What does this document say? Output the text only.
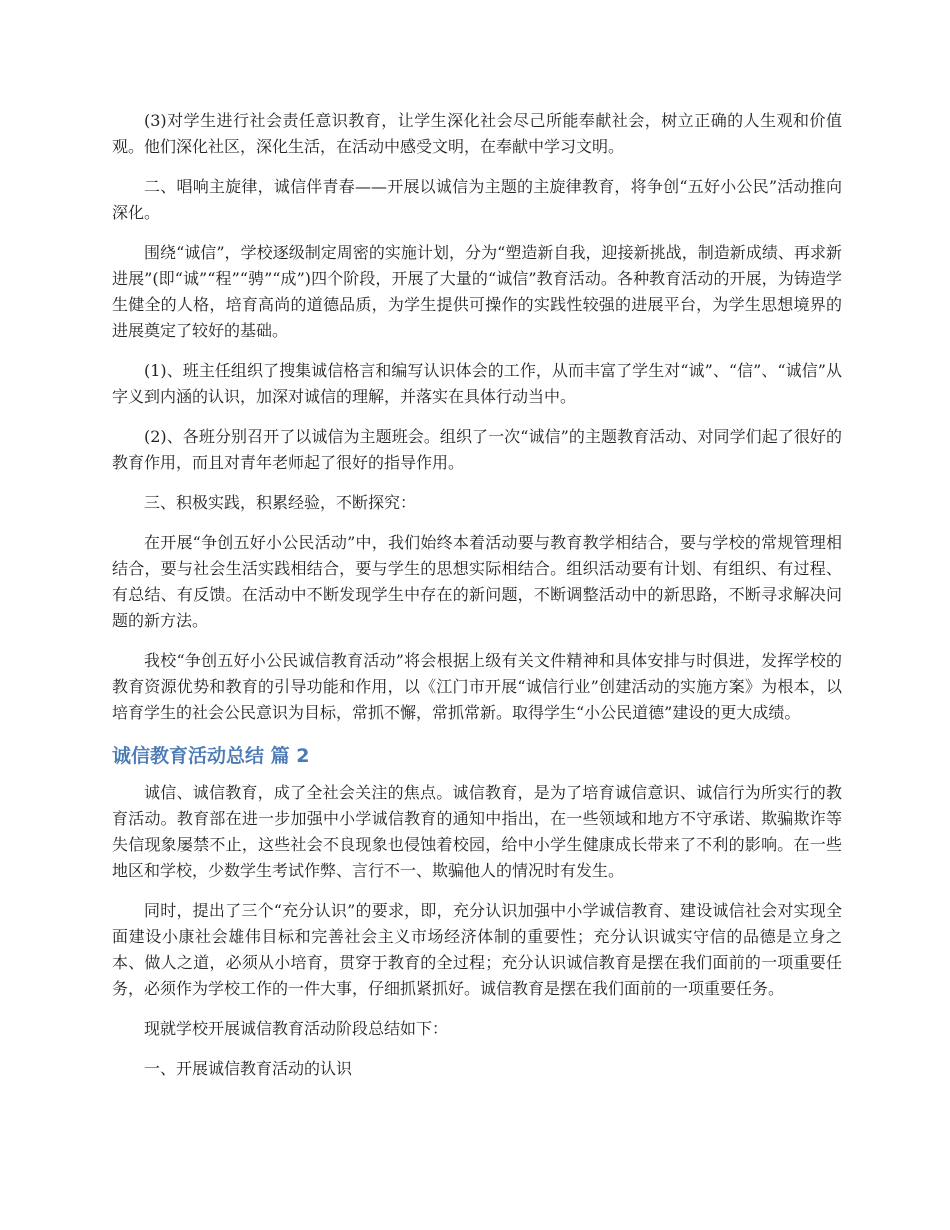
(3)对学生进行社会责任意识教育，让学生深化社会尽己所能奉献社会，树立正确的人生观和价值观。他们深化社区，深化生活，在活动中感受文明，在奉献中学习文明。

二、唱响主旋律，诚信伴青春——开展以诚信为主题的主旋律教育，将争创“五好小公民”活动推向深化。

围绕“诚信”，学校逐级制定周密的实施计划，分为“塑造新自我，迎接新挑战，制造新成绩、再求新进展”(即“诚”“程”“骋”“成”)四个阶段，开展了大量的“诚信”教育活动。各种教育活动的开展，为铸造学生健全的人格，培育高尚的道德品质，为学生提供可操作的实践性较强的进展平台，为学生思想境界的进展奠定了较好的基础。

(1)、班主任组织了搜集诚信格言和编写认识体会的工作，从而丰富了学生对“诚”、“信”、“诚信”从字义到内涵的认识，加深对诚信的理解，并落实在具体行动当中。

(2)、各班分别召开了以诚信为主题班会。组织了一次“诚信”的主题教育活动、对同学们起了很好的教育作用，而且对青年老师起了很好的指导作用。

三、积极实践，积累经验，不断探究：

在开展“争创五好小公民活动”中，我们始终本着活动要与教育教学相结合，要与学校的常规管理相结合，要与社会生活实践相结合，要与学生的思想实际相结合。组织活动要有计划、有组织、有过程、有总结、有反馈。在活动中不断发现学生中存在的新问题，不断调整活动中的新思路，不断寻求解决问题的新方法。

我校“争创五好小公民诚信教育活动”将会根据上级有关文件精神和具体安排与时俱进，发挥学校的教育资源优势和教育的引导功能和作用，以《江门市开展“诚信行业”创建活动的实施方案》为根本，以培育学生的社会公民意识为目标，常抓不懈，常抓常新。取得学生“小公民道德”建设的更大成绩。

诚信教育活动总结 篇 2

诚信、诚信教育，成了全社会关注的焦点。诚信教育，是为了培育诚信意识、诚信行为所实行的教育活动。教育部在进一步加强中小学诚信教育的通知中指出，在一些领域和地方不守承诺、欺骗欺诈等失信现象屡禁不止，这些社会不良现象也侵蚀着校园，给中小学生健康成长带来了不利的影响。在一些地区和学校，少数学生考试作弊、言行不一、欺骗他人的情况时有发生。

同时，提出了三个“充分认识”的要求，即，充分认识加强中小学诚信教育、建设诚信社会对实现全面建设小康社会雄伟目标和完善社会主义市场经济体制的重要性；充分认识诚实守信的品德是立身之本、做人之道，必须从小培育，贯穿于教育的全过程；充分认识诚信教育是摆在我们面前的一项重要任务，必须作为学校工作的一件大事，仔细抓紧抓好。诚信教育是摆在我们面前的一项重要任务。

现就学校开展诚信教育活动阶段总结如下：

一、开展诚信教育活动的认识
